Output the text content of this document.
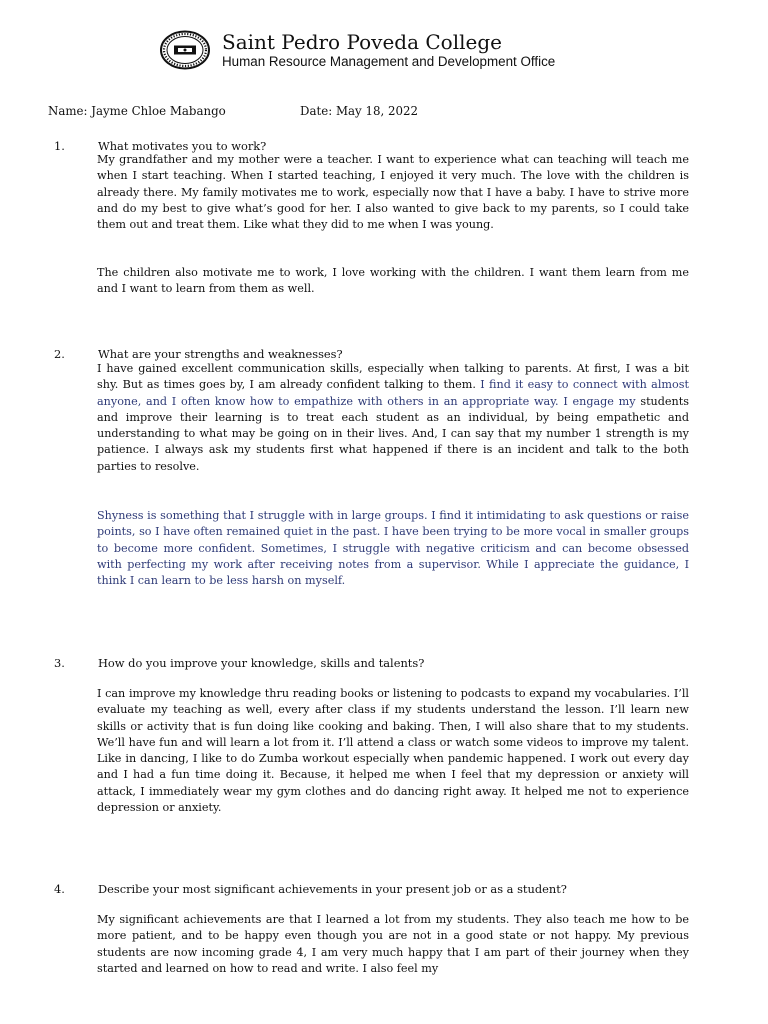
Saint Pedro Poveda College
Human Resource Management and Development Office
Name: Jayme Chloe Mabango	Date: May 18, 2022
1.	What motivates you to work?

My grandfather and my mother were a teacher. I want to experience what can teaching will teach me when I start teaching. When I started teaching, I enjoyed it very much. The love with the children is already there. My family motivates me to work, especially now that I have a baby. I have to strive more and do my best to give what’s good for her. I also wanted to give back to my parents, so I could take them out and treat them. Like what they did to me when I was young.

The children also motivate me to work, I love working with the children. I want them learn from me and I want to learn from them as well.

2.	What are your strengths and weaknesses?

I have gained excellent communication skills, especially when talking to parents. At first, I was a bit shy. But as times goes by, I am already confident talking to them. I find it easy to connect with almost anyone, and I often know how to empathize with others in an appropriate way. I engage my students and improve their learning is to treat each student as an individual, by being empathetic and understanding to what may be going on in their lives. And, I can say that my number 1 strength is my patience. I always ask my students first what happened if there is an incident and talk to the both parties to resolve.

Shyness is something that I struggle with in large groups. I find it intimidating to ask questions or raise points, so I have often remained quiet in the past. I have been trying to be more vocal in smaller groups to become more confident. Sometimes, I struggle with negative criticism and can become obsessed with perfecting my work after receiving notes from a supervisor. While I appreciate the guidance, I think I can learn to be less harsh on myself.

3.	How do you improve your knowledge, skills and talents?

I can improve my knowledge thru reading books or listening to podcasts to expand my vocabularies. I’ll evaluate my teaching as well, every after class if my students understand the lesson. I’ll learn new skills or activity that is fun doing like cooking and baking. Then, I will also share that to my students. We’ll have fun and will learn a lot from it. I’ll attend a class or watch some videos to improve my talent. Like in dancing, I like to do Zumba workout especially when pandemic happened. I work out every day and I had a fun time doing it. Because, it helped me when I feel that my depression or anxiety will attack, I immediately wear my gym clothes and do dancing right away. It helped me not to experience depression or anxiety.

4.	Describe your most significant achievements in your present job or as a student?

My significant achievements are that I learned a lot from my students. They also teach me how to be more patient, and to be happy even though you are not in a good state or not happy. My previous students are now incoming grade 4, I am very much happy that I am part of their journey when they started and learned on how to read and write. I also feel my
